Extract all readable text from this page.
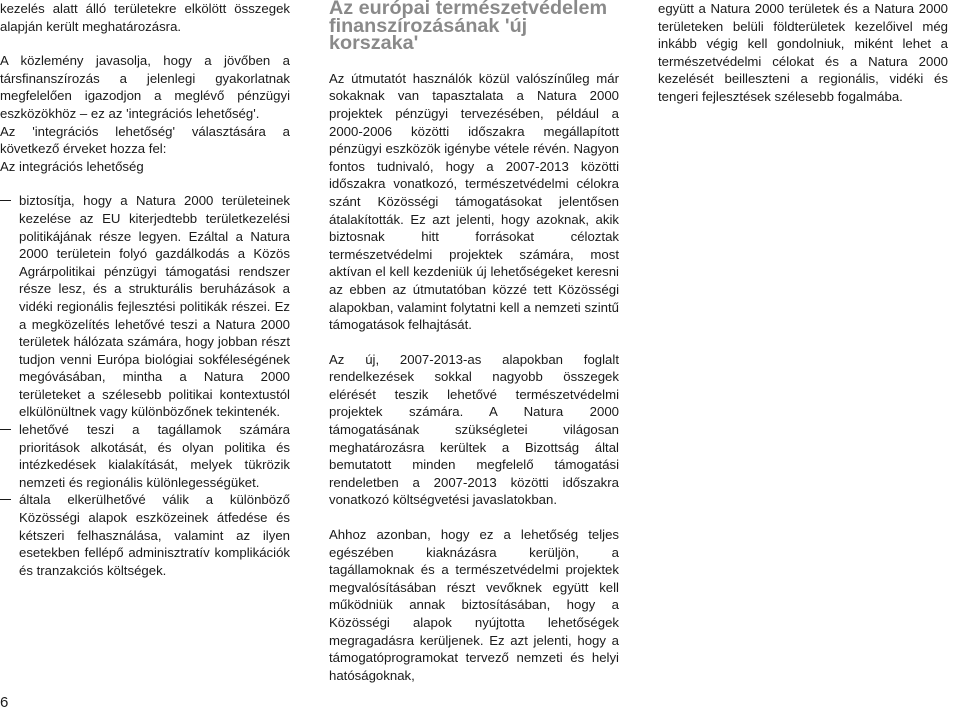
kezelés alatt álló területekre elkölött összegek alapján került meghatározásra.

A közlemény javasolja, hogy a jövőben a társfinanszírozás a jelenlegi gyakorlatnak megfelelően igazodjon a meglévő pénzügyi eszközökhöz – ez az 'integrációs lehetőség'.

Az 'integrációs lehetőség' választására a következő érveket hozza fel:

Az integrációs lehetőség

biztosítja, hogy a Natura 2000 területeinek kezelése az EU kiterjedtebb területkezelési politikájának része legyen. Ezáltal a Natura 2000 területein folyó gazdálkodás a Közös Agrárpolitikai pénzügyi támogatási rendszer része lesz, és a strukturális beruházások a vidéki regionális fejlesztési politikák részei. Ez a megközelítés lehetővé teszi a Natura 2000 területek hálózata számára, hogy jobban részt tudjon venni Európa biológiai sokféleségének megóvásában, mintha a Natura 2000 területeket a szélesebb politikai kontextustól elkülönültnek vagy különbözőnek tekintenék.

lehetővé teszi a tagállamok számára prioritások alkotását, és olyan politika és intézkedések kialakítását, melyek tükrözik nemzeti és regionális különlegességüket.

általa elkerülhetővé válik a különböző Közösségi alapok eszközeinek átfedése és kétszeri felhasználása, valamint az ilyen esetekben fellépő adminisztratív komplikációk és tranzakciós költségek.

Az európai természetvédelem
finanszírozásának 'új korszaka'

Az útmutatót használók közül valószínűleg már sokaknak van tapasztalata a Natura 2000 projektek pénzügyi tervezésében, például a 2000-2006 közötti időszakra megállapított pénzügyi eszközök igénybe vétele révén. Nagyon fontos tudnivaló, hogy a 2007-2013 közötti időszakra vonatkozó, természetvédelmi célokra szánt Közösségi támogatásokat jelentősen átalakították. Ez azt jelenti, hogy azoknak, akik biztosnak hitt forrásokat céloztak természetvédelmi projektek számára, most aktívan el kell kezdeniük új lehetőségeket keresni az ebben az útmutatóban közzé tett Közösségi alapokban, valamint folytatni kell a nemzeti szintű támogatások felhajtását.

Az új, 2007-2013-as alapokban foglalt rendelkezések sokkal nagyobb összegek elérését teszik lehetővé természetvédelmi projektek számára. A Natura 2000 támogatásának szükségletei világosan meghatározásra kerültek a Bizottság által bemutatott minden megfelelő támogatási rendeletben a 2007-2013 közötti időszakra vonatkozó költségvetési javaslatokban.

Ahhoz azonban, hogy ez a lehetőség teljes egészében kiaknázásra kerüljön, a tagállamoknak és a természetvédelmi projektek megvalósításában részt vevőknek együtt kell működniük annak biztosításában, hogy a Közösségi alapok nyújtotta lehetőségek megragadásra kerüljenek. Ez azt jelenti, hogy a támogatóprogramokat tervező nemzeti és helyi hatóságoknak,

együtt a Natura 2000 területek és a Natura 2000 területeken belüli földterületek kezelőivel még inkább végig kell gondolniuk, miként lehet a természetvédelmi célokat és a Natura 2000 kezelését beilleszteni a regionális, vidéki és tengeri fejlesztések szélesebb fogalmába.

6
